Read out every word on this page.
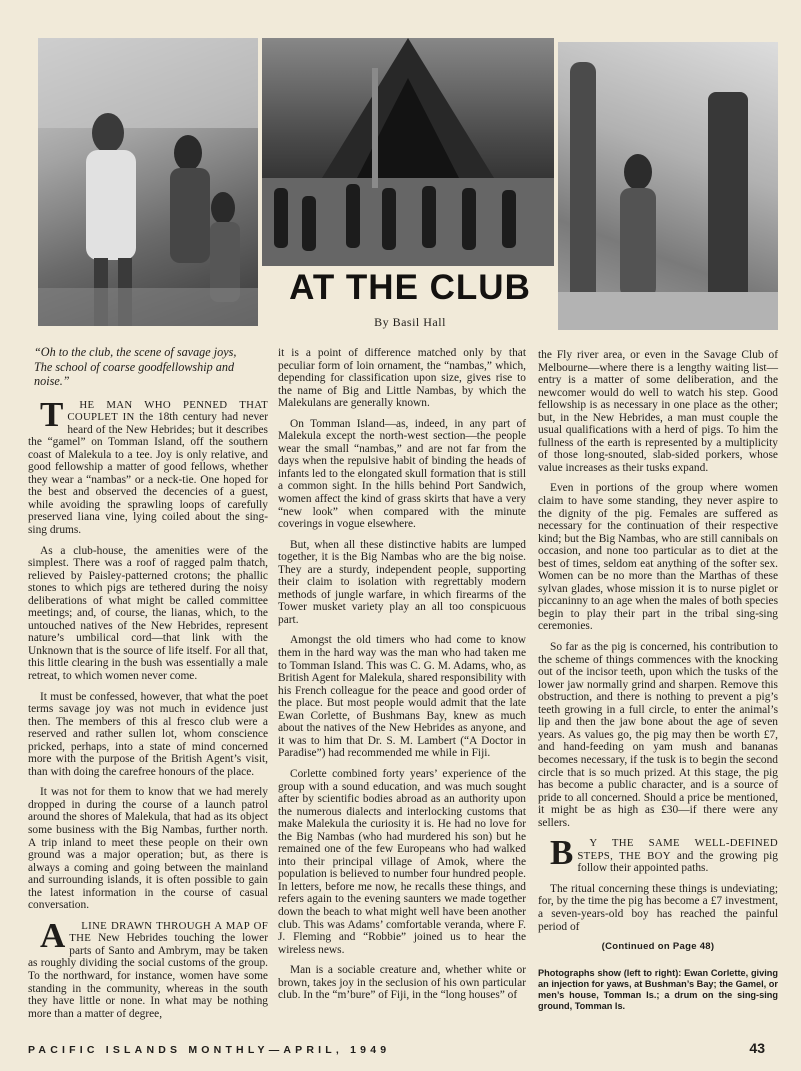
AT THE CLUB
By Basil Hall
“Oh to the club, the scene of savage joys,
The school of coarse goodfellowship and noise.”

T	HE MAN WHO PENNED THAT COUPLET IN the 18th century had never heard of the New Hebrides; but it describes the “gamel” on Tomman Island, off the southern coast of Malekula to a tee. Joy is only relative, and good fellowship a matter of good fellows, whether they wear a “nambas” or a neck-tie. One hoped for the best and observed the decencies of a guest, while avoiding the sprawling loops of carefully preserved liana vine, lying coiled about the sing-sing drums.

As a club-house, the amenities were of the simplest. There was a roof of ragged palm thatch, relieved by Paisley-patterned crotons; the phallic stones to which pigs are tethered during the noisy deliberations of what might be called committee meetings; and, of course, the lianas, which, to the untouched natives of the New Hebrides, represent nature’s umbilical cord—that link with the Unknown that is the source of life itself. For all that, this little clearing in the bush was essentially a male retreat, to which women never come.

It must be confessed, however, that what the poet terms savage joy was not much in evidence just then. The members of this al fresco club were a reserved and rather sullen lot, whom conscience pricked, perhaps, into a state of mind concerned more with the purpose of the British Agent’s visit, than with doing the carefree honours of the place.

It was not for them to know that we had merely dropped in during the course of a launch patrol around the shores of Malekula, that had as its object some business with the Big Nambas, further north. A trip inland to meet these people on their own ground was a major operation; but, as there is always a coming and going between the mainland and surrounding islands, it is often possible to gain the latest information in the course of casual conversation.

A	LINE DRAWN THROUGH A MAP OF THE New Hebrides touching the lower parts of Santo and Ambrym, may be taken as roughly dividing the social customs of the group. To the northward, for instance, women have some standing in the community, whereas in the south they have little or none. In what may be nothing more than a matter of degree,

it is a point of difference matched only by that peculiar form of loin ornament, the “nambas,” which, depending for classification upon size, gives rise to the name of Big and Little Nambas, by which the Malekulans are generally known.

On Tomman Island—as, indeed, in any part of Malekula except the north-west section—the people wear the small “nambas,” and are not far from the days when the repulsive habit of binding the heads of infants led to the elongated skull formation that is still a common sight. In the hills behind Port Sandwich, women affect the kind of grass skirts that have a very “new look” when compared with the minute coverings in vogue elsewhere.

But, when all these distinctive habits are lumped together, it is the Big Nambas who are the big noise. They are a sturdy, independent people, supporting their claim to isolation with regrettably modern methods of jungle warfare, in which firearms of the Tower musket variety play an all too conspicuous part.

Amongst the old timers who had come to know them in the hard way was the man who had taken me to Tomman Island. This was C. G. M. Adams, who, as British Agent for Malekula, shared responsibility with his French colleague for the peace and good order of the place. But most people would admit that the late Ewan Corlette, of Bushmans Bay, knew as much about the natives of the New Hebrides as anyone, and it was to him that Dr. S. M. Lambert (“A Doctor in Paradise”) had recommended me while in Fiji.

Corlette combined forty years’ experience of the group with a sound education, and was much sought after by scientific bodies abroad as an authority upon the numerous dialects and interlocking customs that make Malekula the curiosity it is. He had no love for the Big Nambas (who had murdered his son) but he remained one of the few Europeans who had walked into their principal village of Amok, where the population is believed to number four hundred people. In letters, before me now, he recalls these things, and refers again to the evening saunters we made together down the beach to what might well have been another club. This was Adams’ comfortable veranda, where F. J. Fleming and “Robbie” joined us to hear the wireless news.

Man is a sociable creature and, whether white or brown, takes joy in the seclusion of his own particular club. In the “m’bure” of Fiji, in the “long houses” of

the Fly river area, or even in the Savage Club of Melbourne—where there is a lengthy waiting list—entry is a matter of some deliberation, and the newcomer would do well to watch his step. Good fellowship is as necessary in one place as the other; but, in the New Hebrides, a man must couple the usual qualifications with a herd of pigs. To him the fullness of the earth is represented by a multiplicity of those long-snouted, slab-sided porkers, whose value increases as their tusks expand.

Even in portions of the group where women claim to have some standing, they never aspire to the dignity of the pig. Females are suffered as necessary for the continuation of their respective kind; but the Big Nambas, who are still cannibals on occasion, and none too particular as to diet at the best of times, seldom eat anything of the softer sex. Women can be no more than the Marthas of these sylvan glades, whose mission it is to nurse piglet or piccaninny to an age when the males of both species begin to play their part in the tribal sing-sing ceremonies.

So far as the pig is concerned, his contribution to the scheme of things commences with the knocking out of the incisor teeth, upon which the tusks of the lower jaw normally grind and sharpen. Remove this obstruction, and there is nothing to prevent a pig’s teeth growing in a full circle, to enter the animal’s lip and then the jaw bone about the age of seven years. As values go, the pig may then be worth £7, and hand-feeding on yam mush and bananas becomes necessary, if the tusk is to begin the second circle that is so much prized. At this stage, the pig has become a public character, and is a source of pride to all concerned. Should a price be mentioned, it might be as high as £30—if there were any sellers.

B	Y THE SAME WELL-DEFINED STEPS, THE BOY and the growing pig follow their appointed paths.

The ritual concerning these things is undeviating; for, by the time the pig has become a £7 investment, a seven-years-old boy has reached the painful period of

(Continued on Page 48)
Photographs show (left to right): Ewan Corlette, giving an injection for yaws, at Bushman’s Bay; the Gamel, or men’s house, Tomman Is.; a drum on the sing-sing ground, Tomman Is.
PACIFIC ISLANDS MONTHLY—APRIL, 1949	43
